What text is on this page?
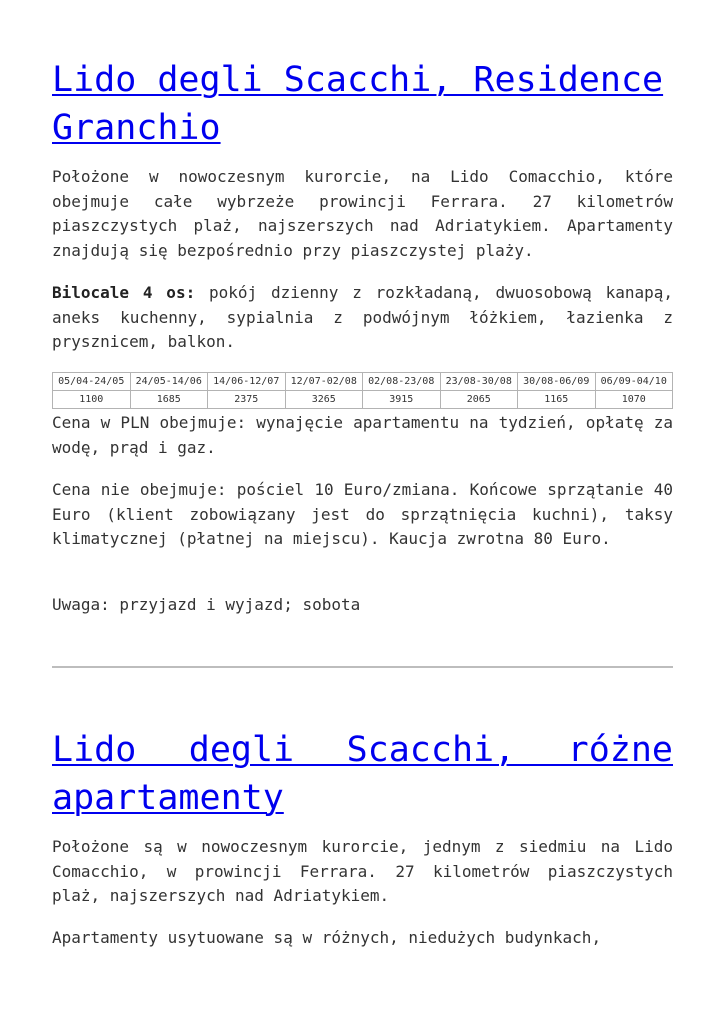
Lido degli Scacchi, Residence Granchio

Położone w nowoczesnym kurorcie, na Lido Comacchio, które obejmuje całe wybrzeże prowincji Ferrara. 27 kilometrów piaszczystych plaż, najszerszych nad Adriatykiem. Apartamenty znajdują się bezpośrednio przy piaszczystej plaży.

Bilocale 4 os: pokój dzienny z rozkładaną, dwuosobową kanapą, aneks kuchenny, sypialnia z podwójnym łóżkiem, łazienka z prysznicem, balkon.

05/04-24/05	24/05-14/06	14/06-12/07	12/07-02/08	02/08-23/08	23/08-30/08	30/08-06/09	06/09-04/10
1100	1685	2375	3265	3915	2065	1165	1070

Cena w PLN obejmuje: wynajęcie apartamentu na tydzień, opłatę za wodę, prąd i gaz.

Cena nie obejmuje: pościel 10 Euro/zmiana. Końcowe sprzątanie 40 Euro (klient zobowiązany jest do sprzątnięcia kuchni), taksy klimatycznej (płatnej na miejscu). Kaucja zwrotna 80 Euro.

Uwaga: przyjazd i wyjazd; sobota

Lido degli Scacchi, różne
apartamenty

Położone są w nowoczesnym kurorcie, jednym z siedmiu na Lido Comacchio, w prowincji Ferrara. 27 kilometrów piaszczystych plaż, najszerszych nad Adriatykiem.

Apartamenty usytuowane są w różnych, niedużych budynkach,
